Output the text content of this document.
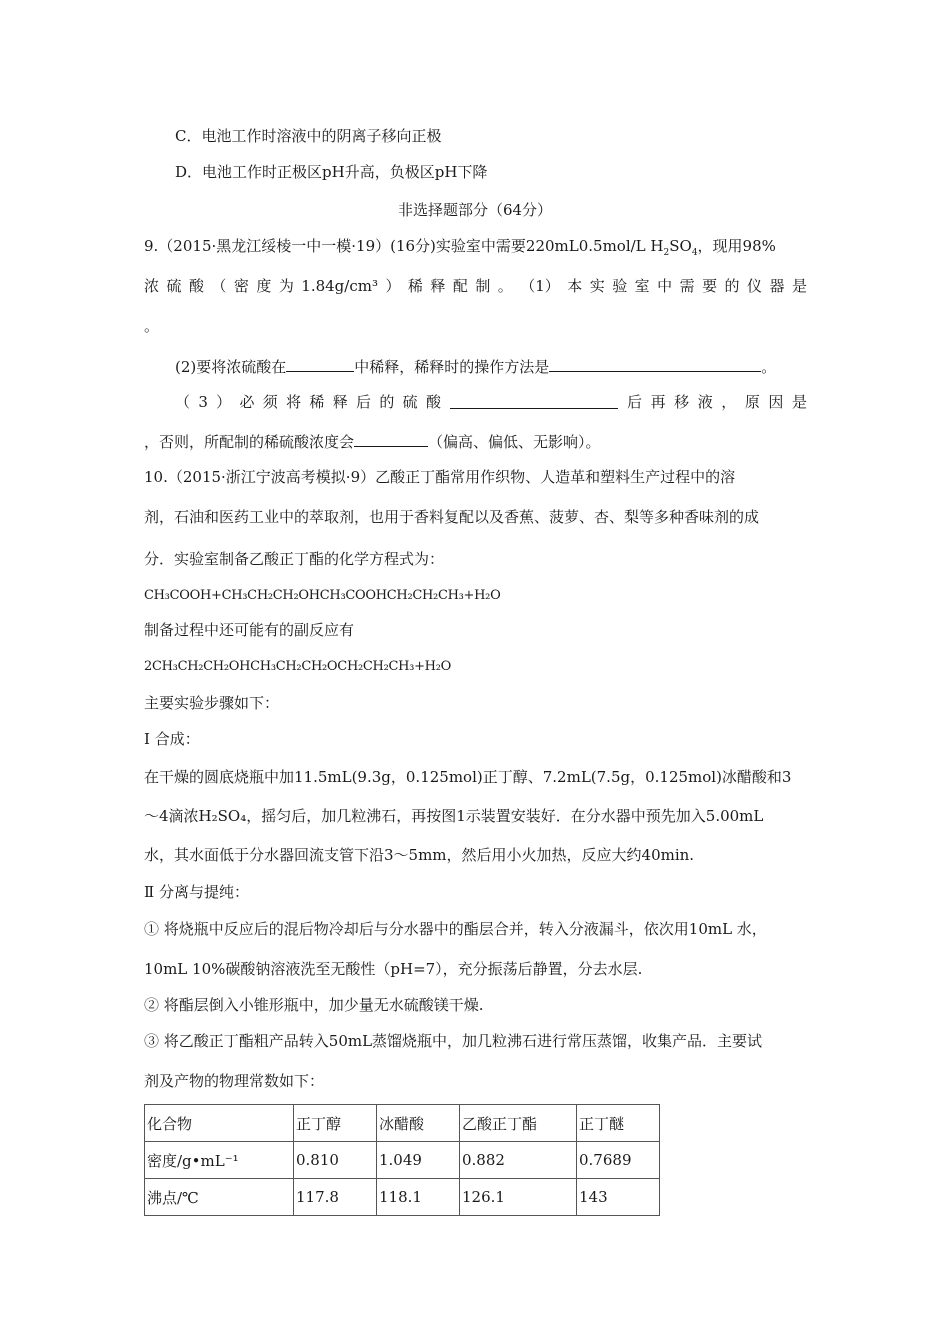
C．电池工作时溶液中的阴离子移向正极
D．电池工作时正极区pH升高，负极区pH下降
非选择题部分（64分）
9.（2015·黑龙江绥棱一中一模·19）(16分)实验室中需要220mL0.5mol/L $H_2SO_4$，现用98%
浓 硫 酸 （ 密 度 为 1.84g/cm³ ） 稀 释 配 制 。 （1） 本 实 验 室 中 需 要 的 仪 器 是
。
(2)要将浓硫酸在	中稀释，稀释时的操作方法是	。
（ 3 ） 必 须 将 稀 释 后 的 硫 酸	后 再 移 液 ， 原 因 是
，否则，所配制的稀硫酸浓度会	（偏高、偏低、无影响）。
10.（2015·浙江宁波高考模拟·9）乙酸正丁酯常用作织物、人造革和塑料生产过程中的溶
剂，石油和医药工业中的萃取剂，也用于香料复配以及香蕉、菠萝、杏、梨等多种香味剂的成
分．实验室制备乙酸正丁酯的化学方程式为：
CH₃COOH+CH₃CH₂CH₂OHCH₃COOHCH₂CH₂CH₃+H₂O
制备过程中还可能有的副反应有
2CH₃CH₂CH₂OHCH₃CH₂CH₂OCH₂CH₂CH₃+H₂O
主要实验步骤如下：
Ⅰ 合成：
在干燥的圆底烧瓶中加11.5mL(9.3g，0.125mol)正丁醇、7.2mL(7.5g，0.125mol)冰醋酸和3
～4滴浓H₂SO₄，摇匀后，加几粒沸石，再按图1示装置安装好．在分水器中预先加入5.00mL
水，其水面低于分水器回流支管下沿3～5mm，然后用小火加热，反应大约40min.
Ⅱ 分离与提纯：
① 将烧瓶中反应后的混后物冷却后与分水器中的酯层合并，转入分液漏斗，依次用10mL 水，
10mL 10%碳酸钠溶液洗至无酸性（pH=7），充分振荡后静置，分去水层.
② 将酯层倒入小锥形瓶中，加少量无水硫酸镁干燥.
③ 将乙酸正丁酯粗产品转入50mL蒸馏烧瓶中，加几粒沸石进行常压蒸馏，收集产品．主要试
剂及产物的物理常数如下：
化合物	正丁醇	冰醋酸	乙酸正丁酯	正丁醚
密度/g•mL⁻¹	0.810	1.049	0.882	0.7689
沸点/℃	117.8	118.1	126.1	143
